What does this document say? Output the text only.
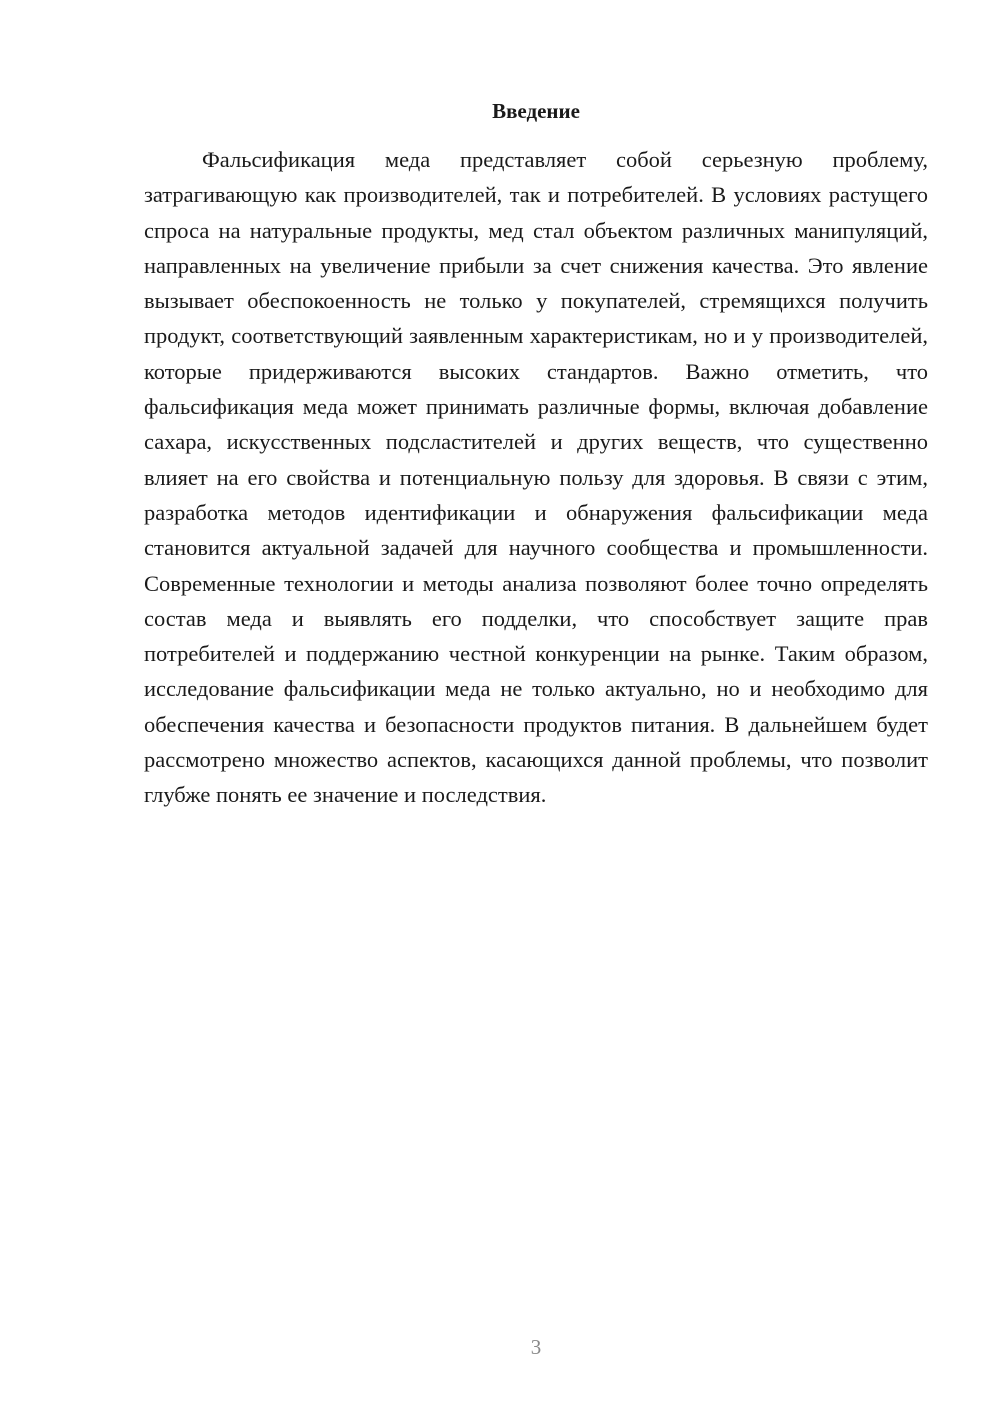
Введение

Фальсификация меда представляет собой серьезную проблему, затрагивающую как производителей, так и потребителей. В условиях растущего спроса на натуральные продукты, мед стал объектом различных манипуляций, направленных на увеличение прибыли за счет снижения качества. Это явление вызывает обеспокоенность не только у покупателей, стремящихся получить продукт, соответствующий заявленным характеристикам, но и у производителей, которые придерживаются высоких стандартов. Важно отметить, что фальсификация меда может принимать различные формы, включая добавление сахара, искусственных подсластителей и других веществ, что существенно влияет на его свойства и потенциальную пользу для здоровья. В связи с этим, разработка методов идентификации и обнаружения фальсификации меда становится актуальной задачей для научного сообщества и промышленности. Современные технологии и методы анализа позволяют более точно определять состав меда и выявлять его подделки, что способствует защите прав потребителей и поддержанию честной конкуренции на рынке. Таким образом, исследование фальсификации меда не только актуально, но и необходимо для обеспечения качества и безопасности продуктов питания. В дальнейшем будет рассмотрено множество аспектов, касающихся данной проблемы, что позволит глубже понять ее значение и последствия.

3
